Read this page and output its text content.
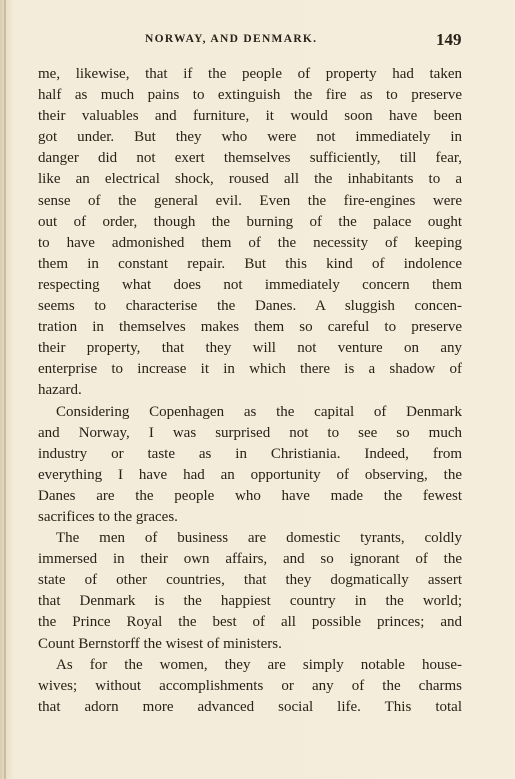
NORWAY, AND DENMARK.	149
me, likewise, that if the people of property had taken
half as much pains to extinguish the fire as to preserve
their valuables and furniture, it would soon have been
got under. But they who were not immediately in
danger did not exert themselves sufficiently, till fear,
like an electrical shock, roused all the inhabitants to a
sense of the general evil. Even the fire-engines were
out of order, though the burning of the palace ought
to have admonished them of the necessity of keeping
them in constant repair. But this kind of indolence
respecting what does not immediately concern them
seems to characterise the Danes. A sluggish concen-
tration in themselves makes them so careful to preserve
their property, that they will not venture on any
enterprise to increase it in which there is a shadow of
hazard.
Considering Copenhagen as the capital of Denmark
and Norway, I was surprised not to see so much
industry or taste as in Christiania. Indeed, from
everything I have had an opportunity of observing, the
Danes are the people who have made the fewest
sacrifices to the graces.
The men of business are domestic tyrants, coldly
immersed in their own affairs, and so ignorant of the
state of other countries, that they dogmatically assert
that Denmark is the happiest country in the world;
the Prince Royal the best of all possible princes; and
Count Bernstorff the wisest of ministers.
As for the women, they are simply notable house-
wives; without accomplishments or any of the charms
that adorn more advanced social life. This total
